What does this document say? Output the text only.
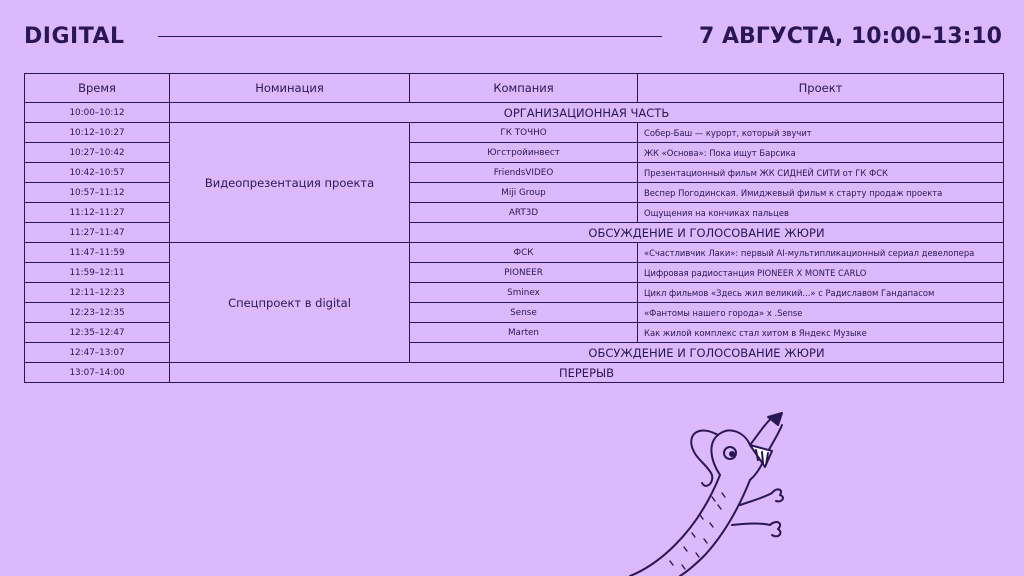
DIGITAL	7 АВГУСТА, 10:00–13:10
Время	Номинация	Компания	Проект
10:00–10:12	ОРГАНИЗАЦИОННАЯ ЧАСТЬ		
10:12–10:27	Видеопрезентация проекта	ГК ТОЧНО	Собер-Баш — курорт, который звучит
10:27–10:42		Югстройинвест	ЖК «Основа»: Пока ищут Барсика
10:42–10:57		FriendsVIDEO	Презентационный фильм ЖК СИДНЕЙ СИТИ от ГК ФСК
10:57–11:12		Miji Group	Веспер Погодинская. Имиджевый фильм к старту продаж проекта
11:12–11:27		ART3D	Ощущения на кончиках пальцев
11:27–11:47		ОБСУЖДЕНИЕ И ГОЛОСОВАНИЕ ЖЮРИ	
11:47–11:59	Спецпроект в digital	ФСК	«Счастливчик Лаки»: первый AI-мультипликационный сериал девелопера
11:59–12:11		PIONEER	Цифровая радиостанция PIONEER X MONTE CARLO
12:11–12:23		Sminex	Цикл фильмов «Здесь жил великий...» с Радиславом Гандапасом
12:23–12:35		Sense	«Фантомы нашего города» x .Sense
12:35–12:47		Marten	Как жилой комплекс стал хитом в Яндекс Музыке
12:47–13:07		ОБСУЖДЕНИЕ И ГОЛОСОВАНИЕ ЖЮРИ	
13:07–14:00	ПЕРЕРЫВ		
